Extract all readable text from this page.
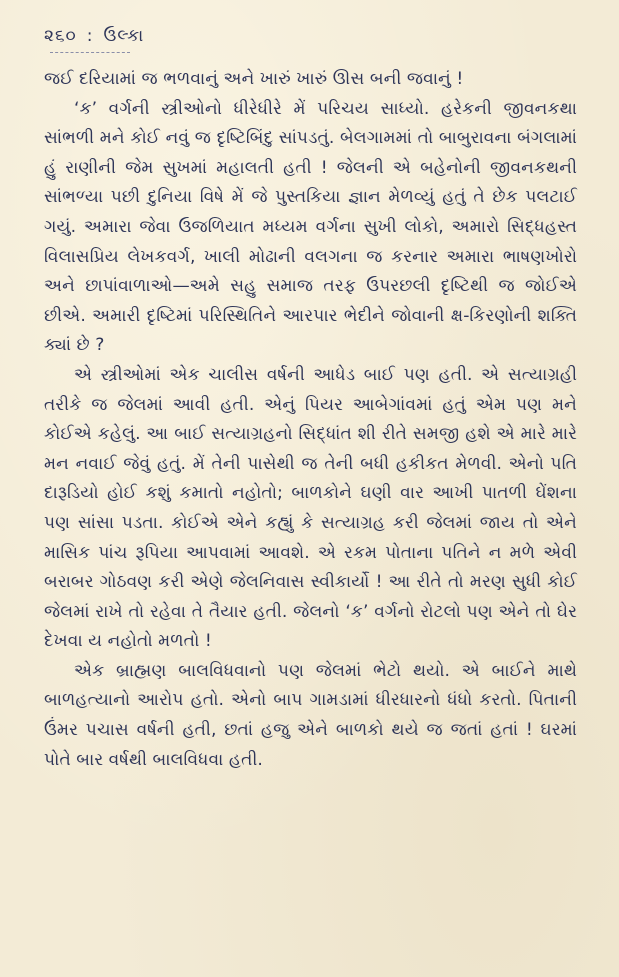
૨૬૦ : ઉલ્કા

જઈ દરિયામાં જ ભળવાનું અને ખારું ખારું ઊસ બની જવાનું !

‘ક’ વર્ગની સ્ત્રીઓનો ધીરેધીરે મેં પરિચય સાધ્યો. હરેકની જીવનકથા સાંભળી મને કોઈ નવું જ દૃષ્ટિબિંદુ સાંપડતું. બેલગામમાં તો બાબુરાવના બંગલામાં હું રાણીની જેમ સુખમાં મહાલતી હતી ! જેલની એ બહેનોની જીવનકથની સાંભળ્યા પછી દુનિયા વિષે મેં જે પુસ્તકિયા જ્ઞાન મેળવ્યું હતું તે છેક પલટાઈ ગયું. અમારા જેવા ઉજળિયાત મધ્યમ વર્ગના સુખી લોકો, અમારો સિદ્ધહસ્ત વિલાસપ્રિય લેખકવર્ગ, ખાલી મોઢાની વલગના જ કરનાર અમારા ભાષણખોરો અને છાપાંવાળાઓ—અમે સહુ સમાજ તરફ ઉપરછલી દૃષ્ટિથી જ જોઈએ છીએ. અમારી દૃષ્ટિમાં પરિસ્થિતિને આરપાર ભેદીને જોવાની ક્ષ-કિરણોની શક્તિ ક્યાં છે ?

એ સ્ત્રીઓમાં એક ચાલીસ વર્ષની આધેડ બાઈ પણ હતી. એ સત્યાગ્રહી તરીકે જ જેલમાં આવી હતી. એનું પિયર આબેગાંવમાં હતું એમ પણ મને કોઈએ કહેલું. આ બાઈ સત્યાગ્રહનો સિદ્ધાંત શી રીતે સમજી હશે એ મારે મારે મન નવાઈ જેવું હતું. મેં તેની પાસેથી જ તેની બધી હકીકત મેળવી. એનો પતિ દારૂડિયો હોઈ કશું કમાતો નહોતો; બાળકોને ઘણી વાર આખી પાતળી ઘેંશના પણ સાંસા પડતા. કોઈએ એને કહ્યું કે સત્યાગ્રહ કરી જેલમાં જાય તો એને માસિક પાંચ રૂપિયા આપવામાં આવશે. એ રકમ પોતાના પતિને ન મળે એવી બરાબર ગોઠવણ કરી એણે જેલનિવાસ સ્વીકાર્યો ! આ રીતે તો મરણ સુધી કોઈ જેલમાં રાખે તો રહેવા તે તૈયાર હતી. જેલનો ‘ક’ વર્ગનો રોટલો પણ એને તો ઘેર દેખવા ય નહોતો મળતો !

એક બ્રાહ્મણ બાલવિધવાનો પણ જેલમાં ભેટો થયો. એ બાઈને માથે બાળહત્યાનો આરોપ હતો. એનો બાપ ગામડામાં ધીરધારનો ધંધો કરતો. પિતાની ઉંમર પચાસ વર્ષની હતી, છતાં હજુ એને બાળકો થયે જ જતાં હતાં ! ઘરમાં પોતે બાર વર્ષથી બાલવિધવા હતી.
